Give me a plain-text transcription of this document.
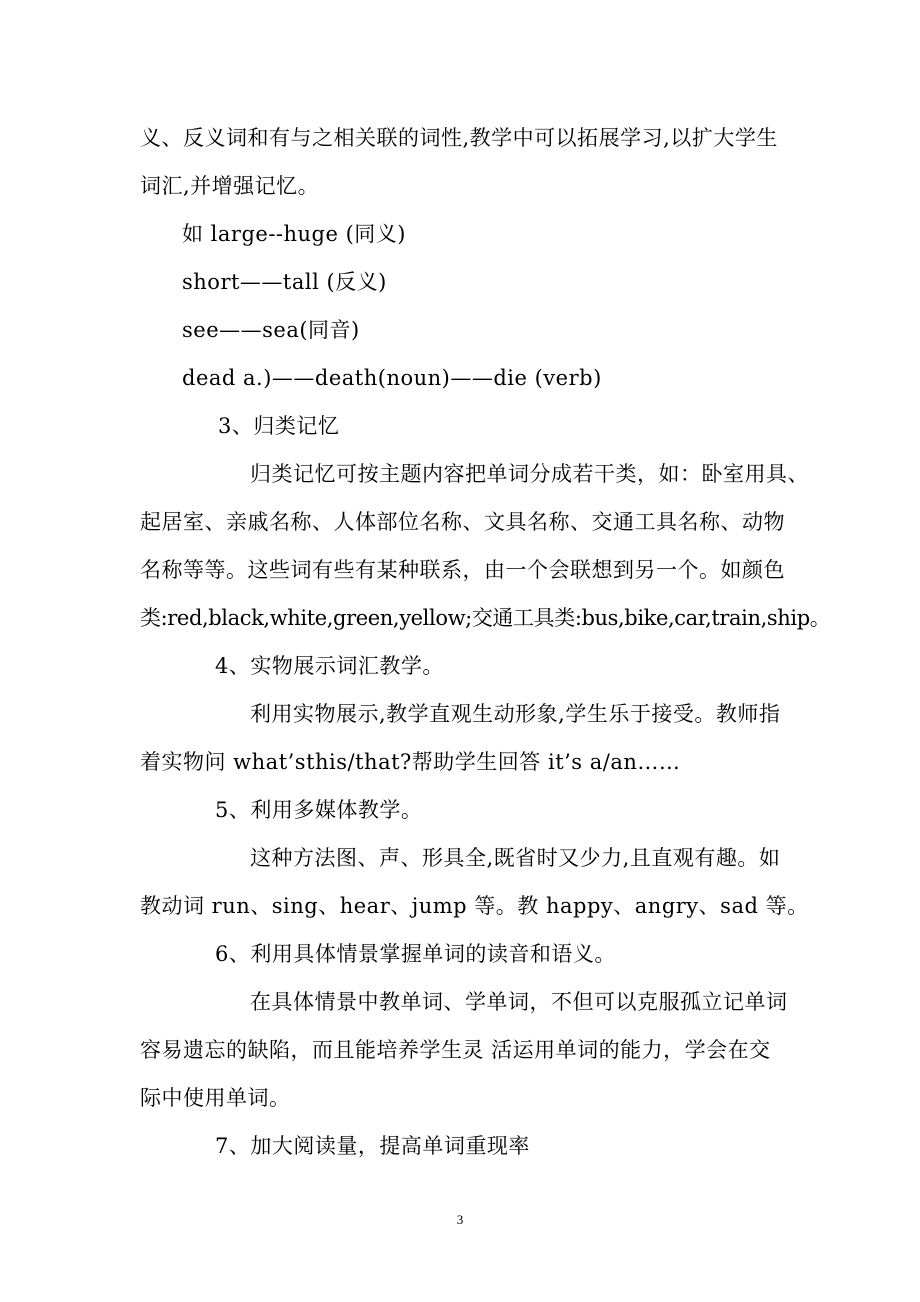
义、反义词和有与之相关联的词性,教学中可以拓展学习,以扩大学生
词汇,并增强记忆。
如 large--huge (同义)
short——tall (反义)
see——sea(同音)
dead a.)——death(noun)——die (verb)
3、归类记忆
归类记忆可按主题内容把单词分成若干类，如：卧室用具、
起居室、亲戚名称、人体部位名称、文具名称、交通工具名称、动物
名称等等。这些词有些有某种联系，由一个会联想到另一个。如颜色
类:red,black,white,green,yellow;交通工具类:bus,bike,car,train,ship。
4、实物展示词汇教学。
利用实物展示,教学直观生动形象,学生乐于接受。教师指
着实物问 what’sthis/that?帮助学生回答 it’s a/an……
5、利用多媒体教学。
这种方法图、声、形具全,既省时又少力,且直观有趣。如
教动词 run、sing、hear、jump 等。教 happy、angry、sad 等。
6、利用具体情景掌握单词的读音和语义。
在具体情景中教单词、学单词，不但可以克服孤立记单词
容易遗忘的缺陷，而且能培养学生灵 活运用单词的能力，学会在交
际中使用单词。
7、加大阅读量，提高单词重现率
3
